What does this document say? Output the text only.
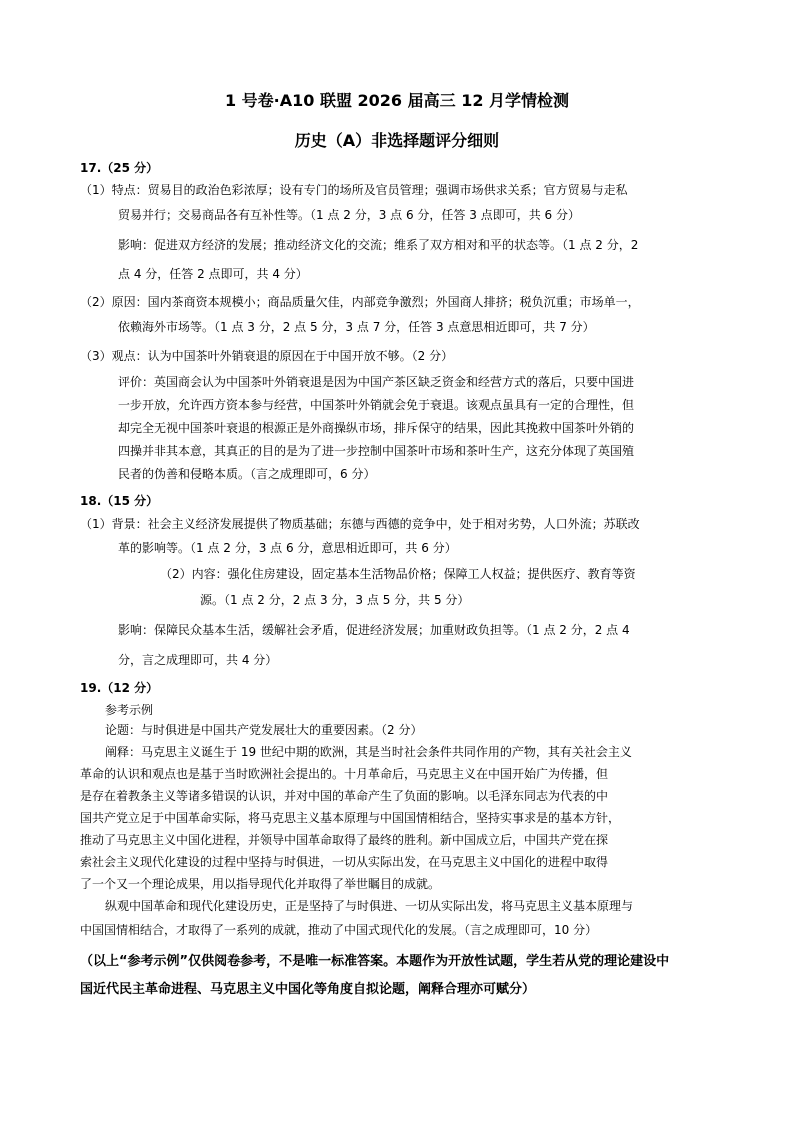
1 号卷·A10 联盟 2026 届高三 12 月学情检测
历史（A）非选择题评分细则
17.（25 分）
（1）特点：贸易目的政治色彩浓厚；设有专门的场所及官员管理；强调市场供求关系；官方贸易与走私
贸易并行；交易商品各有互补性等。（1 点 2 分，3 点 6 分，任答 3 点即可，共 6 分）
影响：促进双方经济的发展；推动经济文化的交流；维系了双方相对和平的状态等。（1 点 2 分，2
点 4 分，任答 2 点即可，共 4 分）
（2）原因：国内茶商资本规模小；商品质量欠佳，内部竞争激烈；外国商人排挤；税负沉重；市场单一，
依赖海外市场等。（1 点 3 分，2 点 5 分，3 点 7 分，任答 3 点意思相近即可，共 7 分）
（3）观点：认为中国茶叶外销衰退的原因在于中国开放不够。（2 分）
评价：英国商会认为中国茶叶外销衰退是因为中国产茶区缺乏资金和经营方式的落后，只要中国进
一步开放，允许西方资本参与经营，中国茶叶外销就会免于衰退。该观点虽具有一定的合理性，但
却完全无视中国茶叶衰退的根源正是外商操纵市场，排斥保守的结果，因此其挽救中国茶叶外销的
四操并非其本意，其真正的目的是为了进一步控制中国茶叶市场和茶叶生产，这充分体现了英国殖
民者的伪善和侵略本质。（言之成理即可，6 分）
18.（15 分）
（1）背景：社会主义经济发展提供了物质基础；东德与西德的竞争中，处于相对劣势，人口外流；苏联改
革的影响等。（1 点 2 分，3 点 6 分，意思相近即可，共 6 分）
（2）内容：强化住房建设，固定基本生活物品价格；保障工人权益；提供医疗、教育等资
源。（1 点 2 分，2 点 3 分，3 点 5 分，共 5 分）
影响：保障民众基本生活，缓解社会矛盾，促进经济发展；加重财政负担等。（1 点 2 分，2 点 4
分，言之成理即可，共 4 分）
19.（12 分）
参考示例
论题：与时俱进是中国共产党发展壮大的重要因素。（2 分）
阐释：马克思主义诞生于 19 世纪中期的欧洲，其是当时社会条件共同作用的产物，其有关社会主义
革命的认识和观点也是基于当时欧洲社会提出的。十月革命后，马克思主义在中国开始广为传播，但
是存在着教条主义等诸多错误的认识，并对中国的革命产生了负面的影响。以毛泽东同志为代表的中
国共产党立足于中国革命实际，将马克思主义基本原理与中国国情相结合，坚持实事求是的基本方针，
推动了马克思主义中国化进程，并领导中国革命取得了最终的胜利。新中国成立后，中国共产党在探
索社会主义现代化建设的过程中坚持与时俱进，一切从实际出发，在马克思主义中国化的进程中取得
了一个又一个理论成果，用以指导现代化并取得了举世瞩目的成就。
纵观中国革命和现代化建设历史，正是坚持了与时俱进、一切从实际出发，将马克思主义基本原理与
中国国情相结合，才取得了一系列的成就，推动了中国式现代化的发展。（言之成理即可，10 分）
（以上“参考示例”仅供阅卷参考，不是唯一标准答案。本题作为开放性试题，学生若从党的理论建设中
国近代民主革命进程、马克思主义中国化等角度自拟论题，阐释合理亦可赋分）
